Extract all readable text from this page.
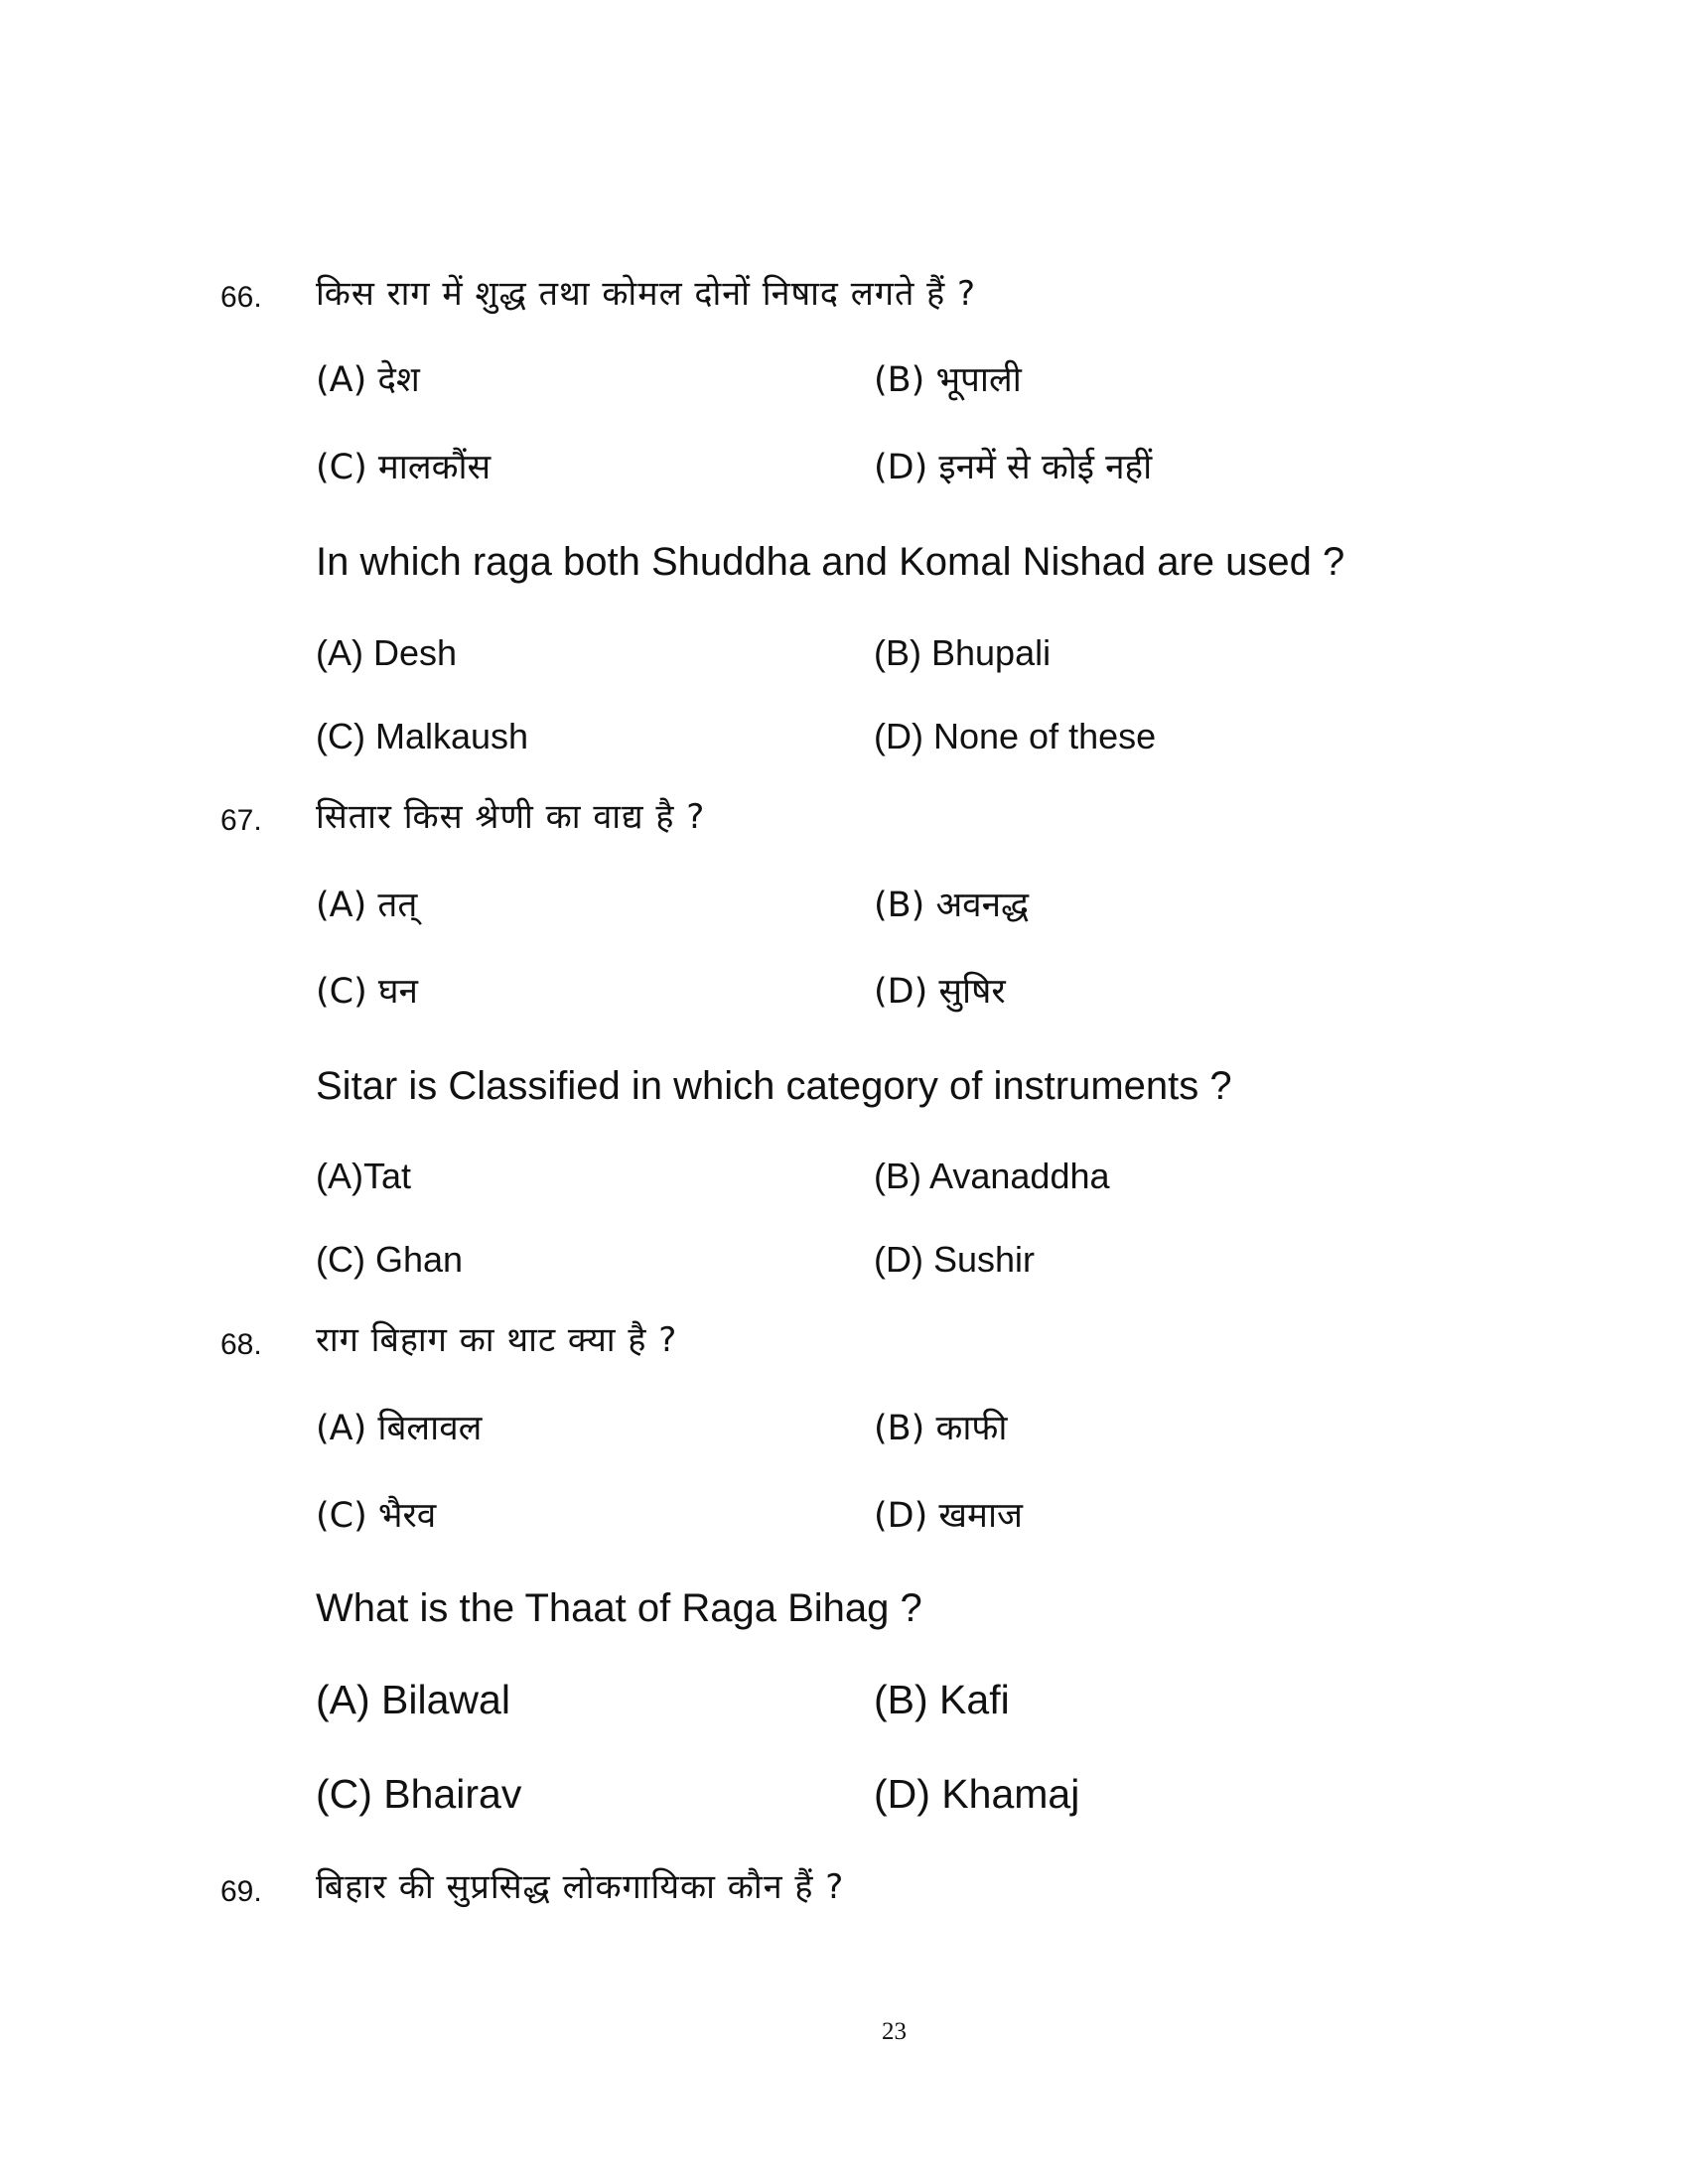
66. किस राग में शुद्ध तथा कोमल दोनों निषाद लगते हैं ?
(A) देश	(B) भूपाली
(C) मालकौंस	(D) इनमें से कोई नहीं
In which raga both Shuddha and Komal Nishad are used ?
(A) Desh	(B) Bhupali
(C) Malkaush	(D) None of these
67. सितार किस श्रेणी का वाद्य है ?
(A) तत्	(B) अवनद्ध
(C) घन	(D) सुषिर
Sitar is Classified in which category of instruments ?
(A)Tat	(B) Avanaddha
(C) Ghan	(D) Sushir
68. राग बिहाग का थाट क्या है ?
(A) बिलावल	(B) काफी
(C) भैरव	(D) खमाज
What is the Thaat of Raga Bihag ?
(A) Bilawal	(B) Kafi
(C) Bhairav	(D) Khamaj
69. बिहार की सुप्रसिद्ध लोकगायिका कौन हैं ?
23
